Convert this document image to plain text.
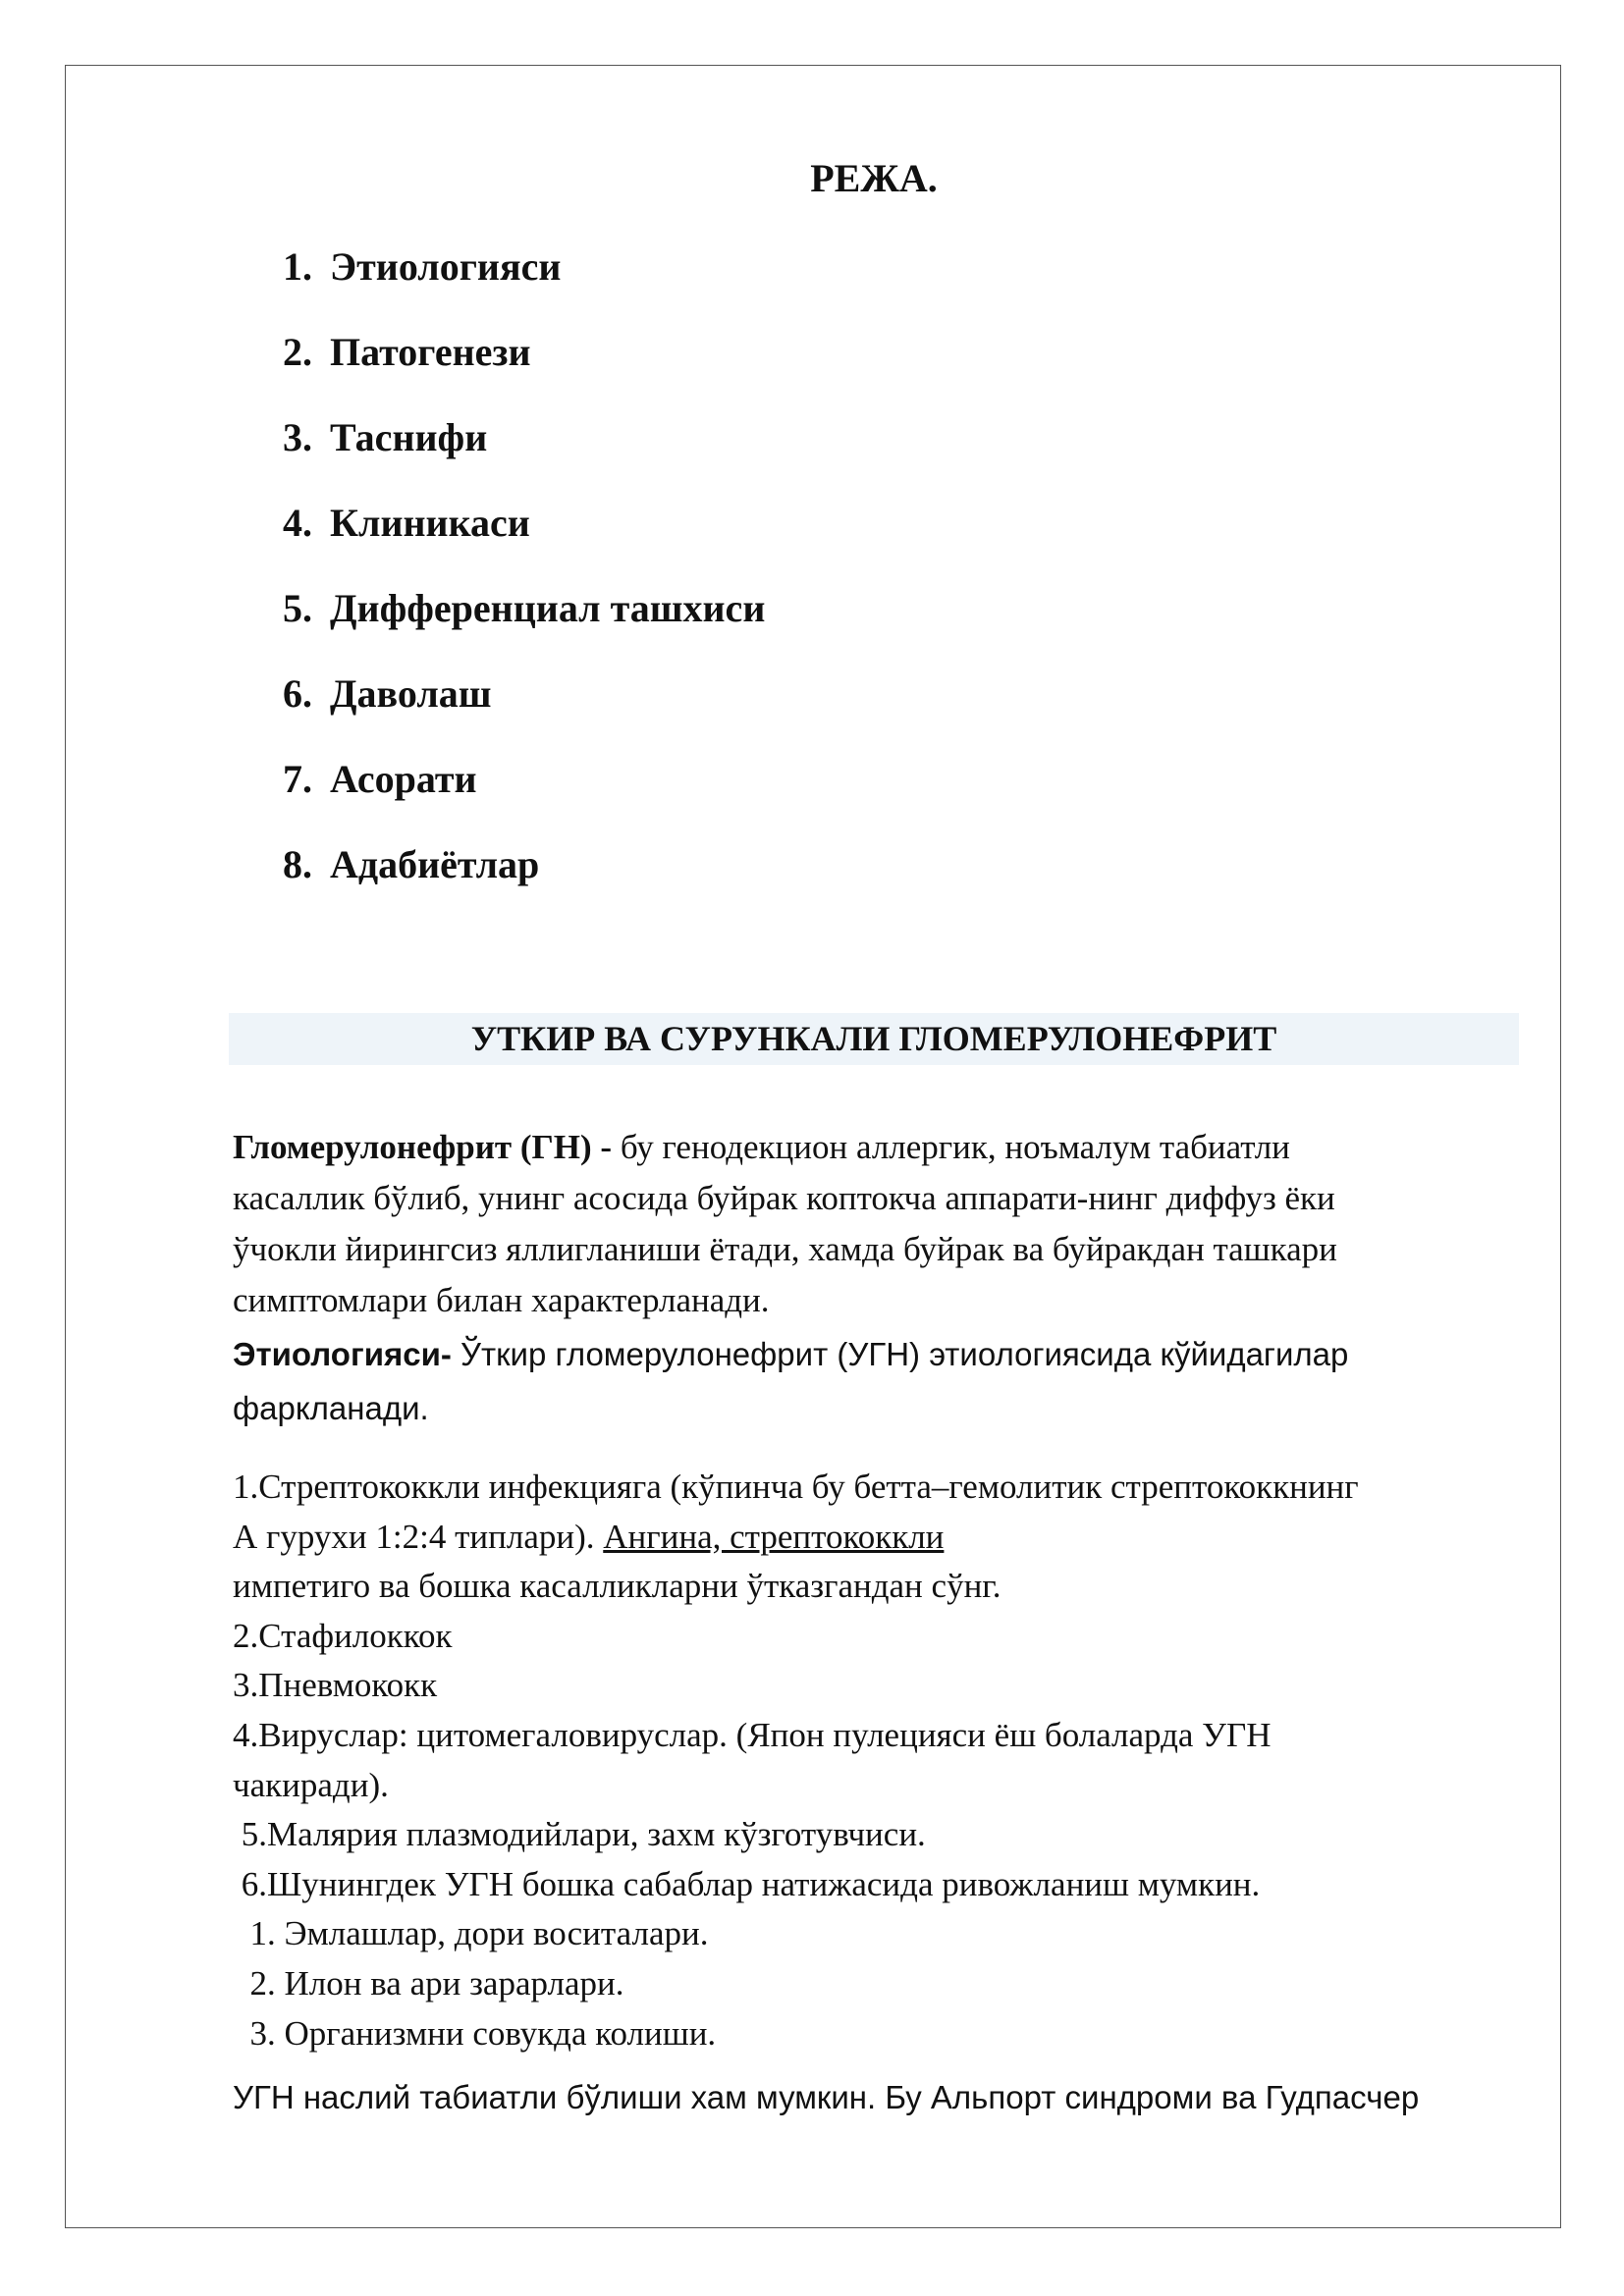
РЕЖА.
1. Этиологияси
2. Патогенези
3. Таснифи
4. Клиникаси
5. Дифференциал ташхиси
6. Даволаш
7. Асорати
8. Адабиётлар
УТКИР ВА СУРУНКАЛИ ГЛОМЕРУЛОНЕФРИТ
Гломерулонефрит (ГН) - бу генодекцион аллергик, ноъмалум табиатли
касаллик бўлиб, унинг асосида буйрак коптокча аппарати-нинг диффуз ёки
ўчокли йирингсиз яллигланиши ётади, хамда буйрак ва буйракдан ташкари
симптомлари билан характерланади.
Этиологияси- Ўткир гломерулонефрит (УГН) этиологиясида кўйидагилар
фаркланади.
1.Стрептококкли инфекцияга (кўпинча бу бетта–гемолитик стрептококкнинг
А гурухи 1:2:4 типлари). Ангина, стрептококкли
импетиго ва бошка касалликларни ўтказгандан сўнг.
2.Стафилоккок
3.Пневмококк
4.Вируслар: цитомегаловируслар. (Япон пулецияси ёш болаларда УГН
чакиради).
5.Малярия плазмодийлари, захм кўзготувчиси.
6.Шунингдек УГН бошка сабаблар натижасида ривожланиш мумкин.
1. Эмлашлар, дори воситалари.
2. Илон ва ари зарарлари.
3. Организмни совукда колиши.
УГН наслий табиатли бўлиши хам мумкин. Бу Альпорт синдроми ва Гудпасчер
